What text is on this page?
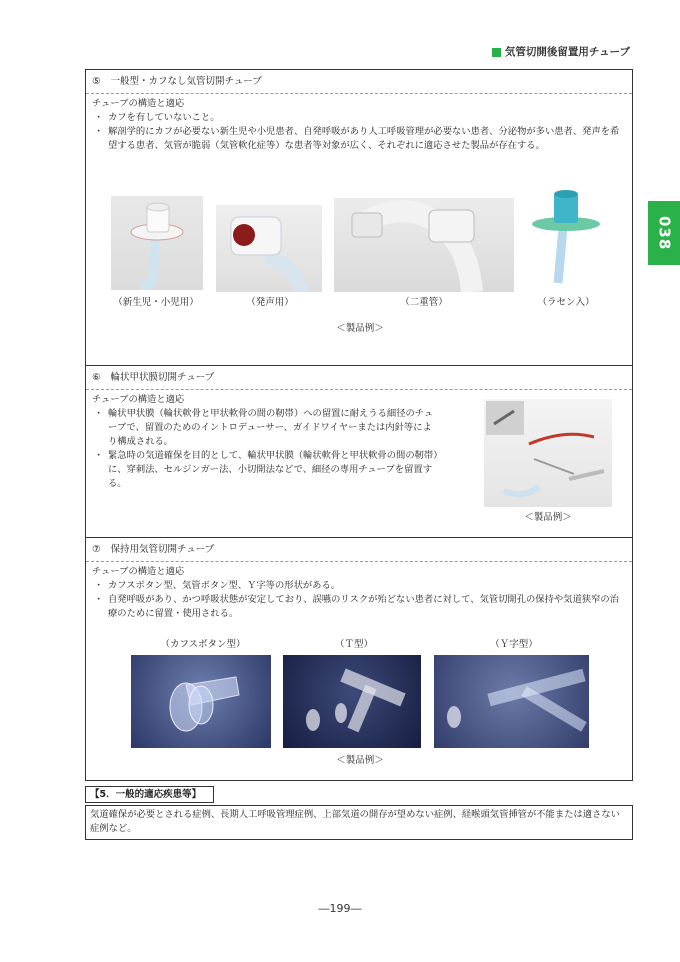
気管切開後留置用チューブ
038
⑤ 一般型・カフなし気管切開チューブ
チューブの構造と適応
・ カフを有していないこと。
・ 解剖学的にカフが必要ない新生児や小児患者、自発呼吸があり人工呼吸管理が必要ない患者、分泌物が多い患者、発声を希望する患者、気管が脆弱（気管軟化症等）な患者等対象が広く、それぞれに適応させた製品が存在する。
（新生児・小児用）	（発声用）	（二重管）	（ラセン入）
＜製品例＞
⑥ 輪状甲状膜切開チューブ
チューブの構造と適応
・ 輪状甲状膜（輪状軟骨と甲状軟骨の間の靭帯）への留置に耐えうる細径のチューブで、留置のためのイントロデューサー、ガイドワイヤーまたは内針等により構成される。
・ 緊急時の気道確保を目的として、輪状甲状膜（輪状軟骨と甲状軟骨の間の靭帯）に、穿刺法、セルジンガー法、小切開法などで、細径の専用チューブを留置する。
＜製品例＞
⑦ 保持用気管切開チューブ
チューブの構造と適応
・ カフスボタン型、気管ボタン型、Ｙ字等の形状がある。
・ 自発呼吸があり、かつ呼吸状態が安定しており、誤嚥のリスクが殆どない患者に対して、気管切開孔の保持や気道狭窄の治療のために留置・使用される。
（カフスボタン型）	（Ｔ型）	（Ｙ字型）
＜製品例＞
【5．一般的適応疾患等】
気道確保が必要とされる症例、長期人工呼吸管理症例、上部気道の開存が望めない症例、経喉頭気管挿管が不能または適さない症例など。
―199―
